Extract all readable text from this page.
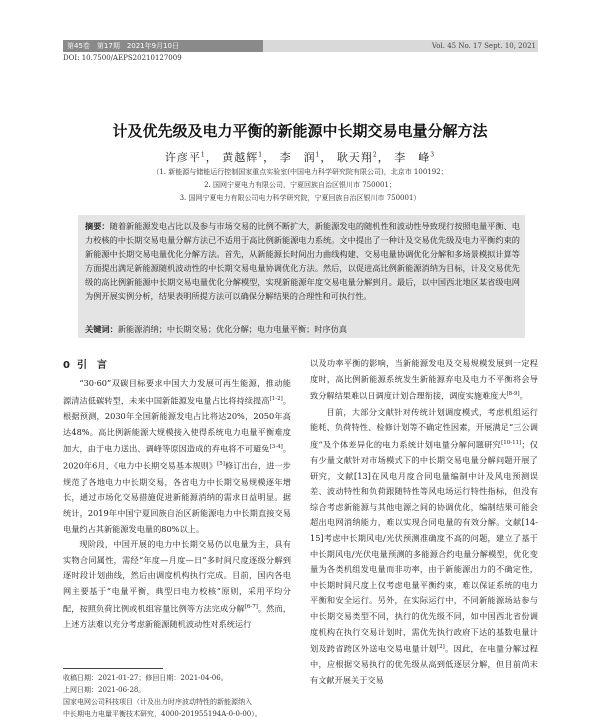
第45卷　第17期　2021年9月10日	Vol. 45 No. 17 Sept. 10, 2021
DOI: 10.7500/AEPS20210127009
计及优先级及电力平衡的新能源中长期交易电量分解方法
许彦平$^1$， 黄越辉$^1$， 李　润$^1$， 耿天翔$^2$， 李　峰$^3$
（1. 新能源与储能运行控制国家重点实验室(中国电力科学研究院有限公司)，北京市 100192；
2. 国网宁夏电力有限公司，宁夏回族自治区银川市 750001；
3. 国网宁夏电力有限公司电力科学研究院，宁夏回族自治区银川市 750001）
摘要：随着新能源发电占比以及参与市场交易的比例不断扩大，新能源发电的随机性和波动性导致现行按照电量平衡、电力校核的中长期交易电量分解方法已不适用于高比例新能源电力系统。文中提出了一种计及交易优先级及电力平衡约束的新能源中长期交易电量优化分解方法。首先，从新能源长时间出力曲线构建、交易电量协调优化分解和多场景模拟计算等方面提出满足新能源随机波动性的中长期交易电量协调优化方法。然后，以促进高比例新能源消纳为目标，计及交易优先级的高比例新能源中长期交易电量优化分解模型，实现新能源年度交易电量分解到月。最后，以中国西北地区某省级电网为例开展实例分析，结果表明所提方法可以确保分解结果的合理性和可执行性。
关键词：新能源消纳；中长期交易；优化分解；电力电量平衡；时序仿真
0 引　言

“30·60”双碳目标要求中国大力发展可再生能源，推动能源清洁低碳转型，未来中国新能源发电量占比将持续提高[1-2]。根据预测，2030年全国新能源发电占比将达20%，2050年高达48%。高比例新能源大规模接入使得系统电力电量平衡难度加大，由于电力送出、调峰等原因造成的弃电将不可避免[3-4]。2020年6月，《电力中长期交易基本规则》[5]修订出台，进一步规范了各地电力中长期交易，各省电力中长期交易规模逐年增长，通过市场化交易措施促进新能源消纳的需求日益明显。据统计，2019年中国宁夏回族自治区新能源电力中长期直接交易电量约占其新能源发电量的80%以上。

现阶段，中国开展的电力中长期交易仍以电量为主，具有实物合同属性，需经“年度—月度—日”多时间尺度逐级分解到逐时段计划曲线，然后由调度机构执行完成。目前，国内各电网主要基于“电量平衡，典型日电力校核”原则，采用平均分配，按照负荷比例或机组容量比例等方法完成分解[6-7]。然而，上述方法难以充分考虑新能源随机波动性对系统运行

以及功率平衡的影响，当新能源发电及交易规模发展到一定程度时，高比例新能源系统发生新能源弃电及电力不平衡将会导致分解结果难以日调度计划合理衔接，调度实施难度大[8-9]。

目前，大部分文献针对传统计划调度模式，考虑机组运行能耗、负荷特性、检修计划等不确定性因素，开展满足“三公调度”及个体差异化的电力系统计划电量分解问题研究[10-11]；仅有少量文献针对市场模式下的中长期交易电量分解问题开展了研究，文献[13]在风电月度合同电量编制中计及风电预测误差、波动特性和负荷跟随特性等风电场运行特性指标，但没有综合考虑新能源与其他电源之间的协调优化，编制结果可能会超出电网消纳能力，难以实现合同电量的有效分解。文献[14-15]考虑中长期风电/光伏预测准确度不高的问题，建立了基于中长期风电/光伏电量预测的多能源合约电量分解模型，优化变量为各类机组发电量而非功率，由于新能源出力的不确定性，中长期时间尺度上仅考虑电量平衡约束，难以保证系统的电力平衡和安全运行。另外，在实际运行中，不同新能源场站参与中长期交易类型不同，执行的优先级不同，如中国西北省份调度机构在执行交易计划时，需优先执行政府下达的基数电量计划及跨省跨区外送电交易电量计划[2]。因此，在电量分解过程中，应根据交易执行的优先级从高到低逐层分解，但目前尚未有文献开展关于交易

收稿日期：2021-01-27；修回日期：2021-04-06。
上网日期：2021-06-28。
国家电网公司科技项目（计及出力时序波动特性的新能源纳入
中长期电力电量平衡技术研究，4000-201955194A-0-0-00）。
